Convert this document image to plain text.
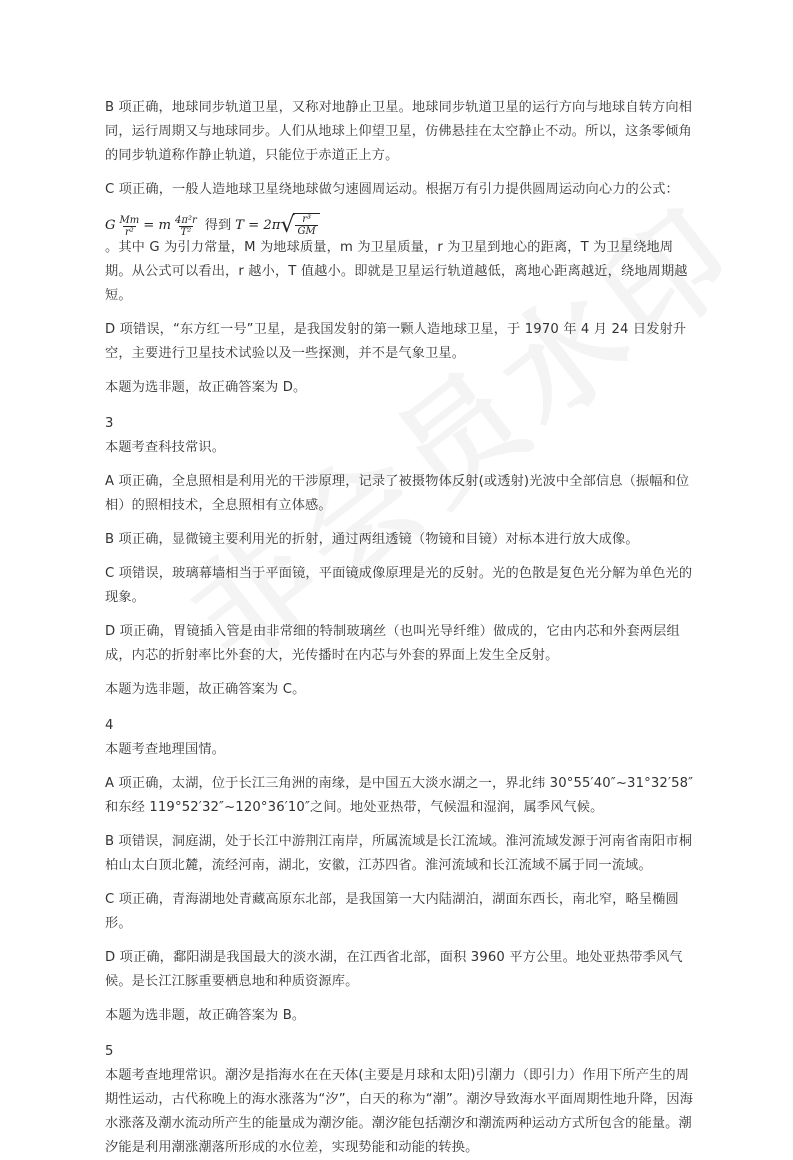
B 项正确，地球同步轨道卫星，又称对地静止卫星。地球同步轨道卫星的运行方向与地球自转方向相同，运行周期又与地球同步。人们从地球上仰望卫星，仿佛悬挂在太空静止不动。所以，这条零倾角的同步轨道称作静止轨道，只能位于赤道正上方。

C 项正确，一般人造地球卫星绕地球做匀速圆周运动。根据万有引力提供圆周运动向心力的公式：

G $\frac{Mm}{\text{r²}} = m \frac{\text{4π²r}}{\text{T²}}$ 得到 T = 2π √ $\frac{\text{r³}}{GM}$

。其中 G 为引力常量，M 为地球质量，m 为卫星质量，r 为卫星到地心的距离，T 为卫星绕地周期。从公式可以看出，r 越小，T 值越小。即就是卫星运行轨道越低，离地心距离越近，绕地周期越短。

D 项错误，“东方红一号”卫星，是我国发射的第一颗人造地球卫星，于 1970 年 4 月 24 日发射升空，主要进行卫星技术试验以及一些探测，并不是气象卫星。

本题为选非题，故正确答案为 D。

3

本题考查科技常识。

A 项正确，全息照相是利用光的干涉原理，记录了被摄物体反射(或透射)光波中全部信息（振幅和位相）的照相技术，全息照相有立体感。

B 项正确，显微镜主要利用光的折射，通过两组透镜（物镜和目镜）对标本进行放大成像。

C 项错误，玻璃幕墙相当于平面镜，平面镜成像原理是光的反射。光的色散是复色光分解为单色光的现象。

D 项正确，胃镜插入管是由非常细的特制玻璃丝（也叫光导纤维）做成的，它由内芯和外套两层组成，内芯的折射率比外套的大，光传播时在内芯与外套的界面上发生全反射。

本题为选非题，故正确答案为 C。

4

本题考查地理国情。

A 项正确，太湖，位于长江三角洲的南缘，是中国五大淡水湖之一，界北纬 30°55′40″~31°32′58″和东经 119°52′32″~120°36′10″之间。地处亚热带，气候温和湿润，属季风气候。

B 项错误，洞庭湖，处于长江中游荆江南岸，所属流域是长江流域。淮河流域发源于河南省南阳市桐柏山太白顶北麓，流经河南，湖北，安徽，江苏四省。淮河流域和长江流域不属于同一流域。

C 项正确，青海湖地处青藏高原东北部，是我国第一大内陆湖泊，湖面东西长，南北窄，略呈椭圆形。

D 项正确，鄱阳湖是我国最大的淡水湖，在江西省北部，面积 3960 平方公里。地处亚热带季风气候。是长江江豚重要栖息地和种质资源库。

本题为选非题，故正确答案为 B。

5

本题考查地理常识。潮汐是指海水在在天体(主要是月球和太阳)引潮力（即引力）作用下所产生的周期性运动，古代称晚上的海水涨落为“汐”，白天的称为“潮”。潮汐导致海水平面周期性地升降，因海水涨落及潮水流动所产生的能量成为潮汐能。潮汐能包括潮汐和潮流两种运动方式所包含的能量。潮汐能是利用潮涨潮落所形成的水位差，实现势能和动能的转换。
